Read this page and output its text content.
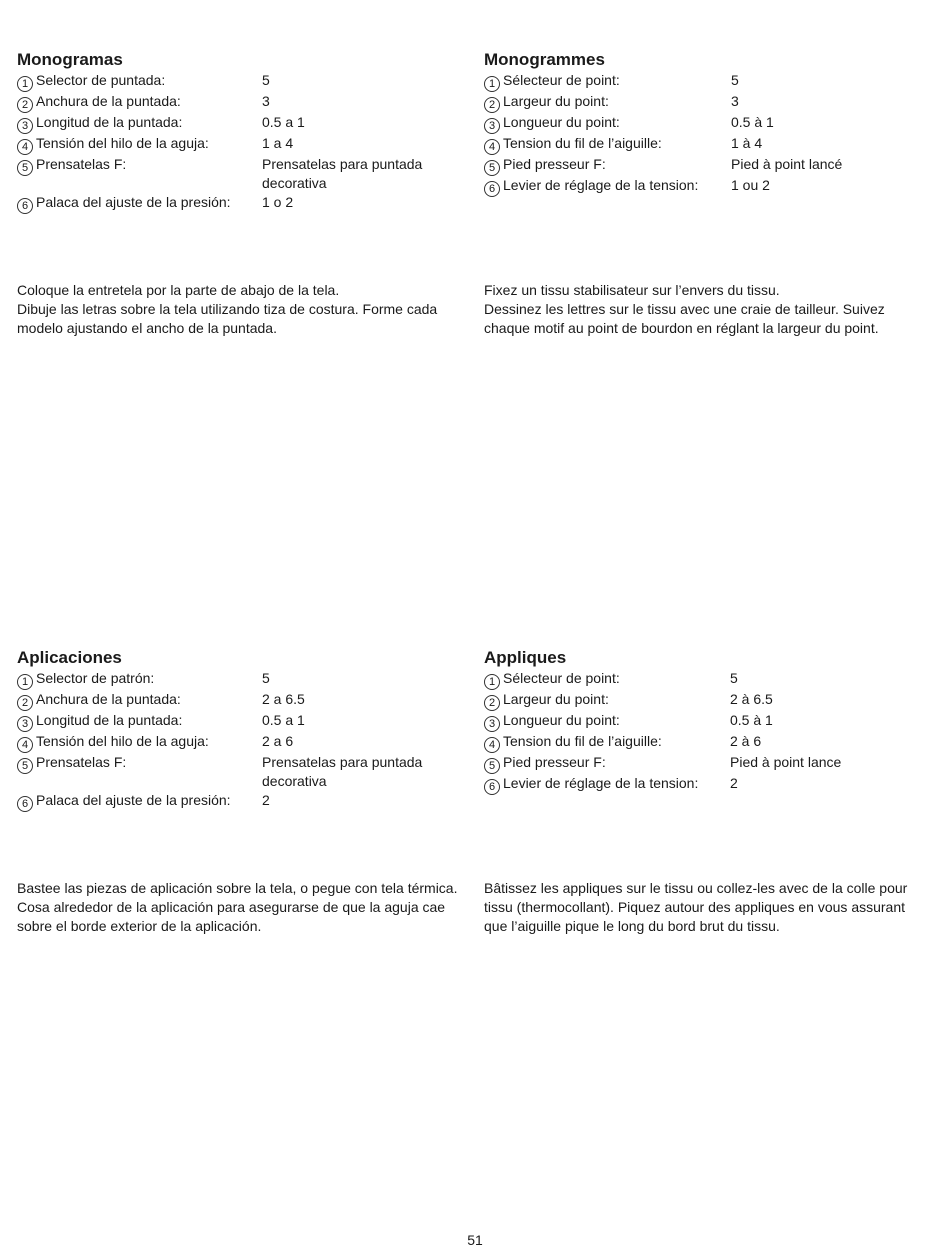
Monogramas
1 Selector de puntada:	5
2 Anchura de la puntada:	3
3 Longitud de la puntada:	0.5 a 1
4 Tensión del hilo de la aguja:	1 a 4
5 Prensatelas F:	Prensatelas para puntada decorativa
6 Palaca del ajuste de la presión: 1 o 2
Monogrammes
1 Sélecteur de point:	5
2 Largeur du point:	3
3 Longueur du point:	0.5 à 1
4 Tension du fil de l’aiguille:	1 à 4
5 Pied presseur F:	Pied à point lancé
6 Levier de réglage de la tension: 1 ou 2
Coloque la entretela por la parte de abajo de la tela.
Dibuje las letras sobre la tela utilizando tiza de costura. Forme cada modelo ajustando el ancho de la puntada.
Fixez un tissu stabilisateur sur l’envers du tissu.
Dessinez les lettres sur le tissu avec une craie de tailleur. Suivez chaque motif au point de bourdon en réglant la largeur du point.
Aplicaciones
1 Selector de patrón:	5
2 Anchura de la puntada:	2 a 6.5
3 Longitud de la puntada:	0.5 a 1
4 Tensión del hilo de la aguja:	2 a 6
5 Prensatelas F:	Prensatelas para puntada decorativa
6 Palaca del ajuste de la presión: 2
Appliques
1 Sélecteur de point:	5
2 Largeur du point:	2 à 6.5
3 Longueur du point:	0.5 à 1
4 Tension du fil de l’aiguille:	2 à 6
5 Pied presseur F:	Pied à point lance
6 Levier de réglage de la tension: 2
Bastee las piezas de aplicación sobre la tela, o pegue con tela térmica. Cosa alrededor de la aplicación para asegurarse de que la aguja cae sobre el borde exterior de la aplicación.
Bâtissez les appliques sur le tissu ou collez-les avec de la colle pour tissu (thermocollant). Piquez autour des appliques en vous assurant que l’aiguille pique le long du bord brut du tissu.
51
